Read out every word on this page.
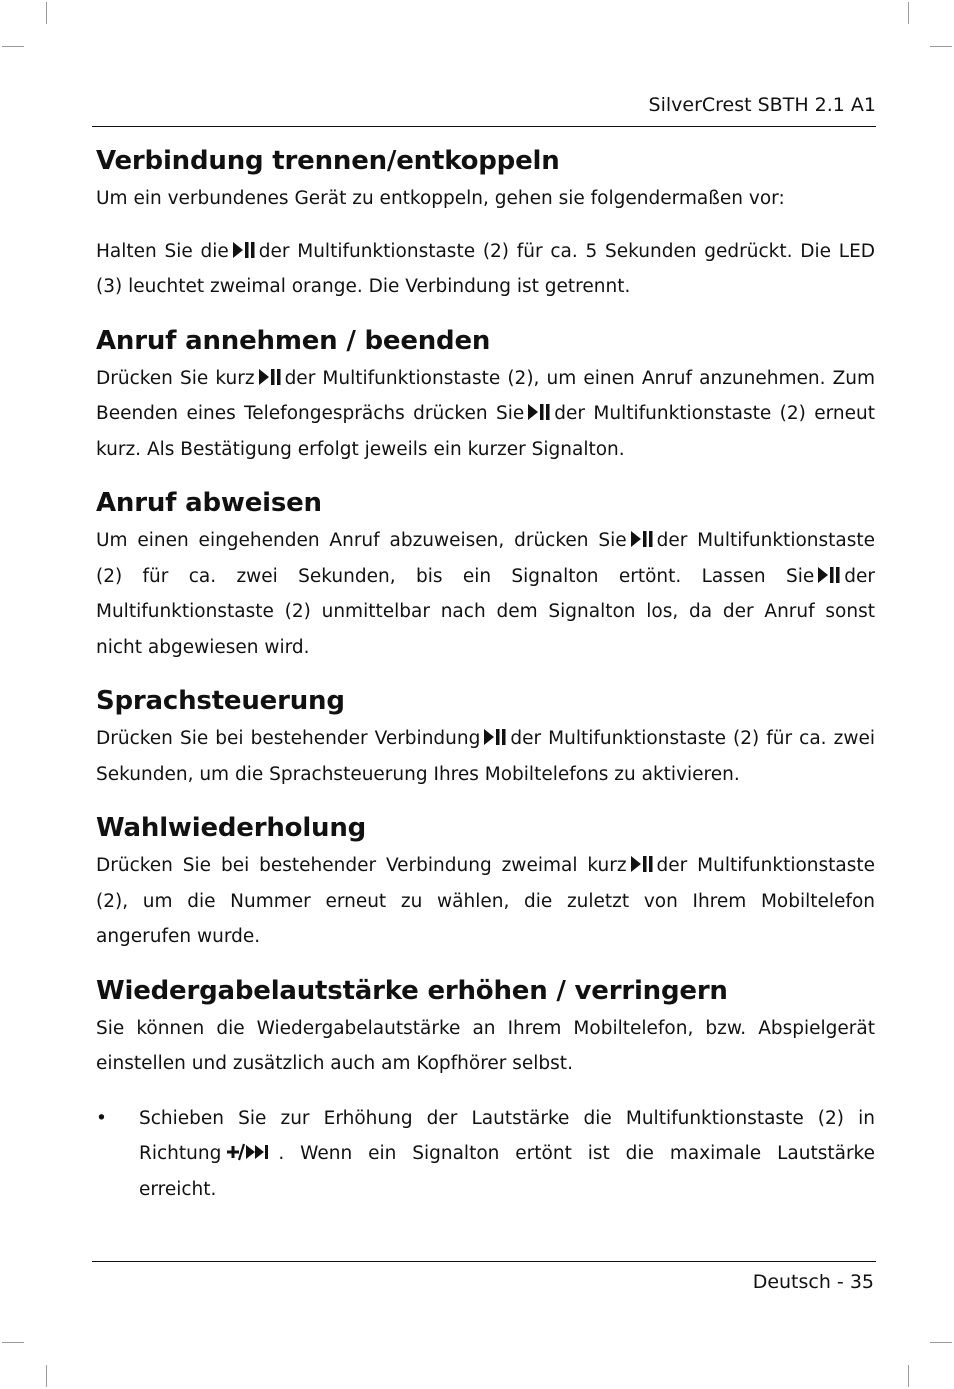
SilverCrest SBTH 2.1 A1
Verbindung trennen/entkoppeln

Um ein verbundenes Gerät zu entkoppeln, gehen sie folgendermaßen vor:

Halten Sie die der Multifunktionstaste (2) für ca. 5 Sekunden gedrückt. Die LED (3) leuchtet zweimal orange. Die Verbindung ist getrennt.

Anruf annehmen / beenden

Drücken Sie kurz der Multifunktionstaste (2), um einen Anruf anzunehmen. Zum Beenden eines Telefongesprächs drücken Sie der Multifunktionstaste (2) erneut kurz. Als Bestätigung erfolgt jeweils ein kurzer Signalton.

Anruf abweisen

Um einen eingehenden Anruf abzuweisen, drücken Sie der Multifunktionstaste (2) für ca. zwei Sekunden, bis ein Signalton ertönt. Lassen Sie der Multifunktionstaste (2) unmittelbar nach dem Signalton los, da der Anruf sonst nicht abgewiesen wird.

Sprachsteuerung

Drücken Sie bei bestehender Verbindung der Multifunktionstaste (2) für ca. zwei Sekunden, um die Sprachsteuerung Ihres Mobiltelefons zu aktivieren.

Wahlwiederholung

Drücken Sie bei bestehender Verbindung zweimal kurz der Multifunktionstaste (2), um die Nummer erneut zu wählen, die zuletzt von Ihrem Mobiltelefon angerufen wurde.

Wiedergabelautstärke erhöhen / verringern

Sie können die Wiedergabelautstärke an Ihrem Mobiltelefon, bzw. Abspielgerät einstellen und zusätzlich auch am Kopfhörer selbst.

• Schieben Sie zur Erhöhung der Lautstärke die Multifunktionstaste (2) in Richtung	. Wenn ein Signalton ertönt ist die maximale Lautstärke erreicht.
Deutsch - 35
